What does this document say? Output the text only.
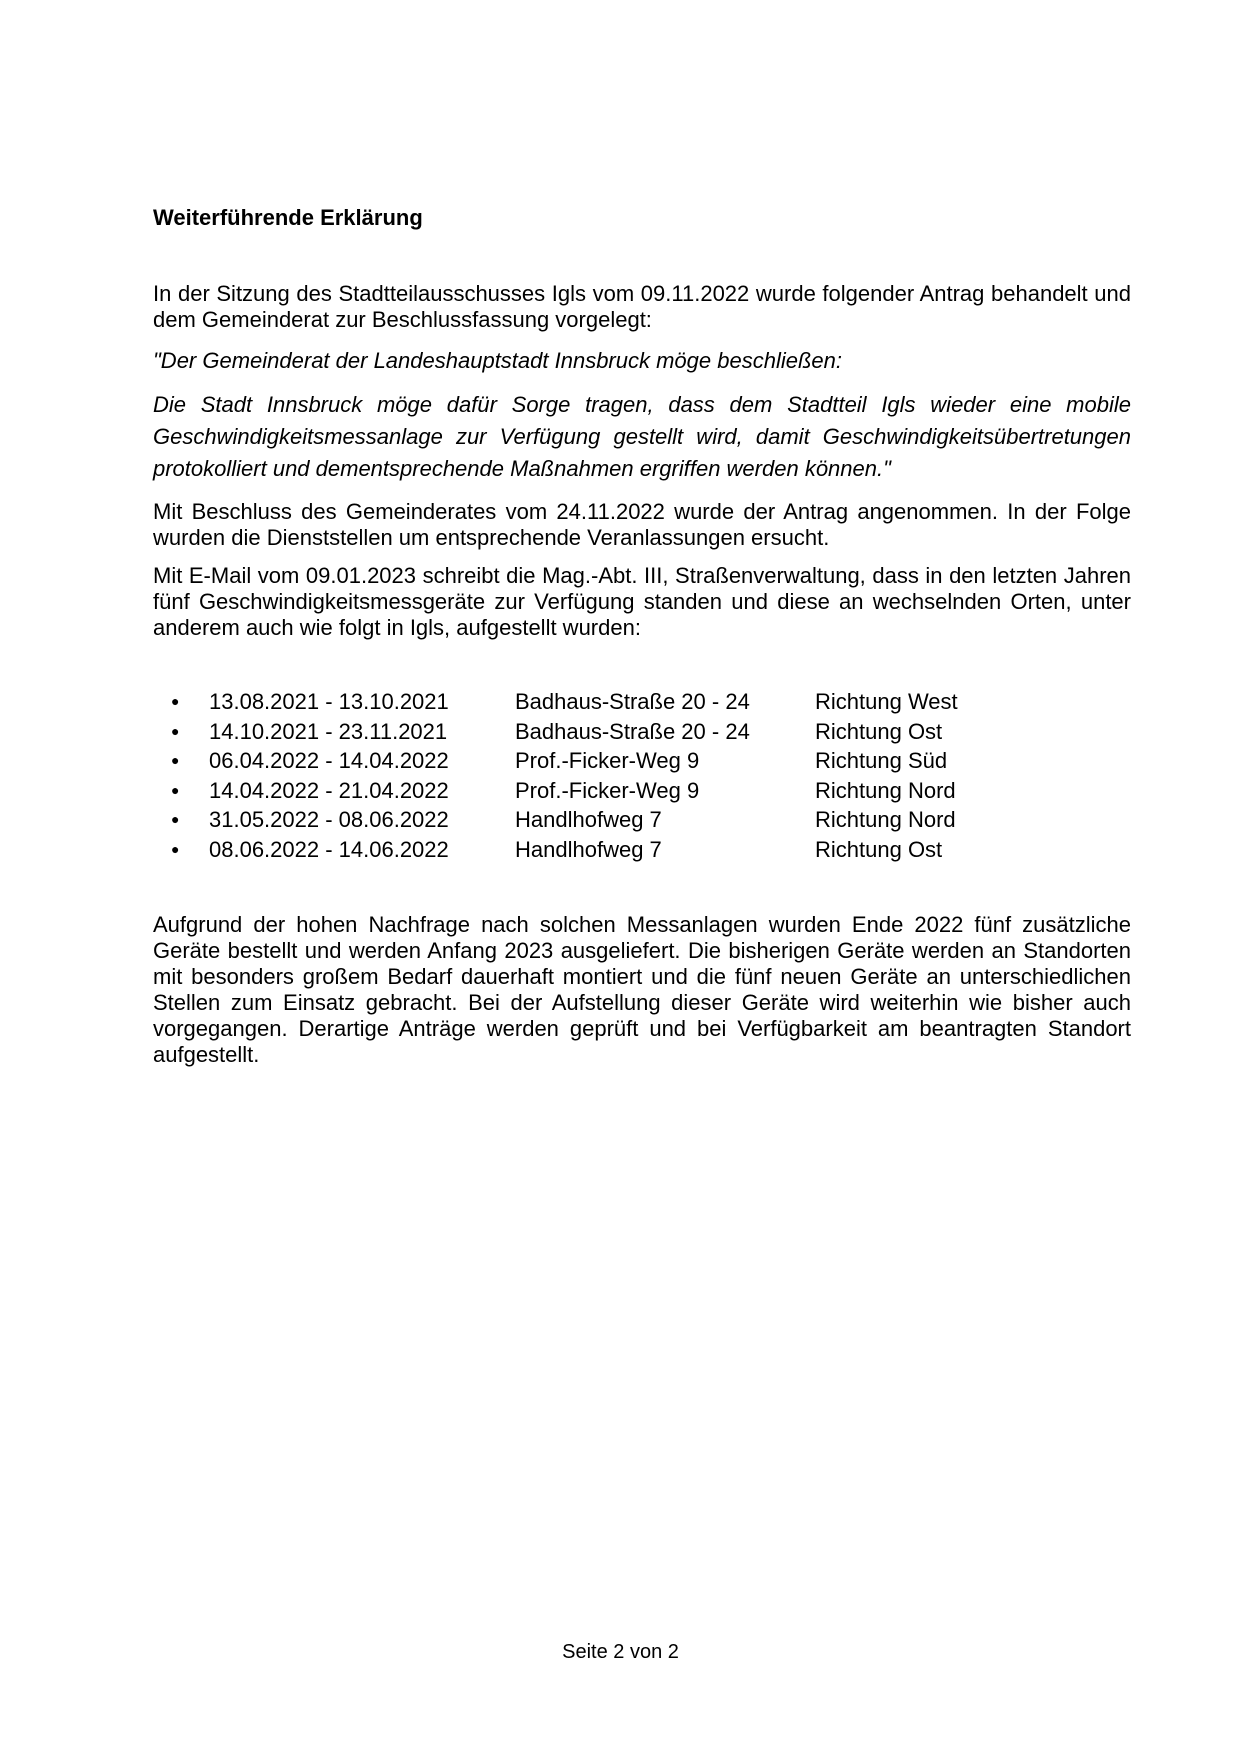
Weiterführende Erklärung

In der Sitzung des Stadtteilausschusses Igls vom 09.11.2022 wurde folgender Antrag behandelt und dem Gemeinderat zur Beschlussfassung vorgelegt:

"Der Gemeinderat der Landeshauptstadt Innsbruck möge beschließen:

Die Stadt Innsbruck möge dafür Sorge tragen, dass dem Stadtteil Igls wieder eine mobile Geschwindigkeitsmessanlage zur Verfügung gestellt wird, damit Geschwindigkeitsübertretungen protokolliert und dementsprechende Maßnahmen ergriffen werden können."

Mit Beschluss des Gemeinderates vom 24.11.2022 wurde der Antrag angenommen. In der Folge wurden die Dienststellen um entsprechende Veranlassungen ersucht.

Mit E-Mail vom 09.01.2023 schreibt die Mag.-Abt. III, Straßenverwaltung, dass in den letzten Jahren fünf Geschwindigkeitsmessgeräte zur Verfügung standen und diese an wechselnden Orten, unter anderem auch wie folgt in Igls, aufgestellt wurden:

●	13.08.2021 - 13.10.2021	Badhaus-Straße 20 - 24	Richtung West
●	14.10.2021 - 23.11.2021	Badhaus-Straße 20 - 24	Richtung Ost
●	06.04.2022 - 14.04.2022	Prof.-Ficker-Weg 9	Richtung Süd
●	14.04.2022 - 21.04.2022	Prof.-Ficker-Weg 9	Richtung Nord
●	31.05.2022 - 08.06.2022	Handlhofweg 7	Richtung Nord
●	08.06.2022 - 14.06.2022	Handlhofweg 7	Richtung Ost

Aufgrund der hohen Nachfrage nach solchen Messanlagen wurden Ende 2022 fünf zusätzliche Geräte bestellt und werden Anfang 2023 ausgeliefert. Die bisherigen Geräte werden an Standorten mit besonders großem Bedarf dauerhaft montiert und die fünf neuen Geräte an unterschiedlichen Stellen zum Einsatz gebracht. Bei der Aufstellung dieser Geräte wird weiterhin wie bisher auch vorgegangen. Derartige Anträge werden geprüft und bei Verfügbarkeit am beantragten Standort aufgestellt.

Seite 2 von 2
